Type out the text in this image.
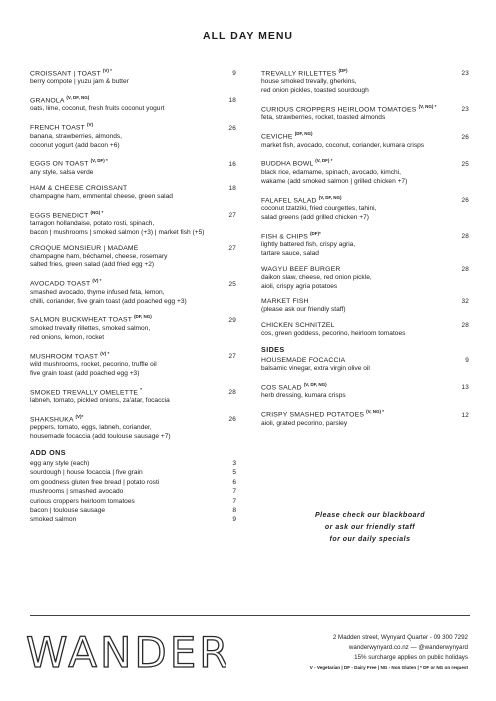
ALL DAY MENU
CROISSANT | TOAST $^{(V) *}$	9
berry compote | yuzu jam & butter
GRANOLA $^{(V, DF, NG)}$	18
oats, lime, coconut, fresh fruits coconut yogurt
FRENCH TOAST $^{(V)}$	26
banana, strawberries, almonds,
coconut yogurt (add bacon +6)
EGGS ON TOAST $^{(V, DF) *}$	16
any style, salsa verde
HAM & CHEESE CROISSANT	18
champagne ham, emmental cheese, green salad
EGGS BENEDICT $^{(NG) *}$	27
tarragon hollandaise, potato rosti, spinach,
bacon | mushrooms | smoked salmon (+3) | market fish (+5)
CROQUE MONSIEUR | MADAME	27
champagne ham, béchamel, cheese, rosemary
salted fries, green salad (add fried egg +2)
AVOCADO TOAST $^{(V) *}$	25
smashed avocado, thyme infused feta, lemon,
chilli, coriander, five grain toast (add poached egg +3)
SALMON BUCKWHEAT TOAST $^{(DF, NG)}$	29
smoked trevally rillettes, smoked salmon,
red onions, lemon, rocket
MUSHROOM TOAST $^{(V) *}$	27
wild mushrooms, rocket, pecorino, truffle oil
five grain toast (add poached egg +3)
SMOKED TREVALLY OMELETTE *	28
labneh, tomato, pickled onions, za'atar, focaccia
SHAKSHUKA $^{(V)*}$	26
peppers, tomato, eggs, labneh, coriander,
housemade focaccia (add toulouse sausage +7)
ADD ONS
egg any style (each)	3
sourdough | house focaccia | five grain	5
om goodness gluten free bread | potato rosti	6
mushrooms | smashed avocado	7
curious croppers heirloom tomatoes	7
bacon | toulouse sausage	8
smoked salmon	9
TREVALLY RILLETTES $^{(DF)}$	23
house smoked trevally, gherkins,
red onion pickles, toasted sourdough
CURIOUS CROPPERS HEIRLOOM TOMATOES $^{(V, NG) *}$	23
feta, strawberries, rocket, toasted almonds
CEVICHE $^{(DF, NG)}$	26
market fish, avocado, coconut, coriander, kumara crisps
BUDDHA BOWL $^{(V, DF) *}$	25
black rice, edamame, spinach, avocado, kimchi,
wakame (add smoked salmon | grilled chicken +7)
FALAFEL SALAD $^{(V, DF, NG)}$	26
coconut tzatziki, fried courgettes, tahini,
salad greens (add grilled chicken +7)
FISH & CHIPS $^{(DF)*}$	28
lightly battered fish, crispy agria,
tartare sauce, salad
WAGYU BEEF BURGER	28
daikon slaw, cheese, red onion pickle,
aioli, crispy agria potatoes
MARKET FISH	32
(please ask our friendly staff)
CHICKEN SCHNITZEL	28
cos, green goddess, pecorino, heirloom tomatoes
SIDES
HOUSEMADE FOCACCIA	9
balsamic vinegar, extra virgin olive oil
COS SALAD $^{(V, DF, NG)}$	13
herb dressing, kumara crisps
CRISPY SMASHED POTATOES $^{(V, NG) *}$	12
aioli, grated pecorino, parsley
Please check our blackboard
or ask our friendly staff
for our daily specials
WANDER	2 Madden street, Wynyard Quarter - 09 300 7292
wanderwynyard.co.nz — @wanderwynyard
15% surcharge applies on public holidays
V - Vegetarian | DF - Dairy Free | NG - Non Gluten | * DF or NG on request
